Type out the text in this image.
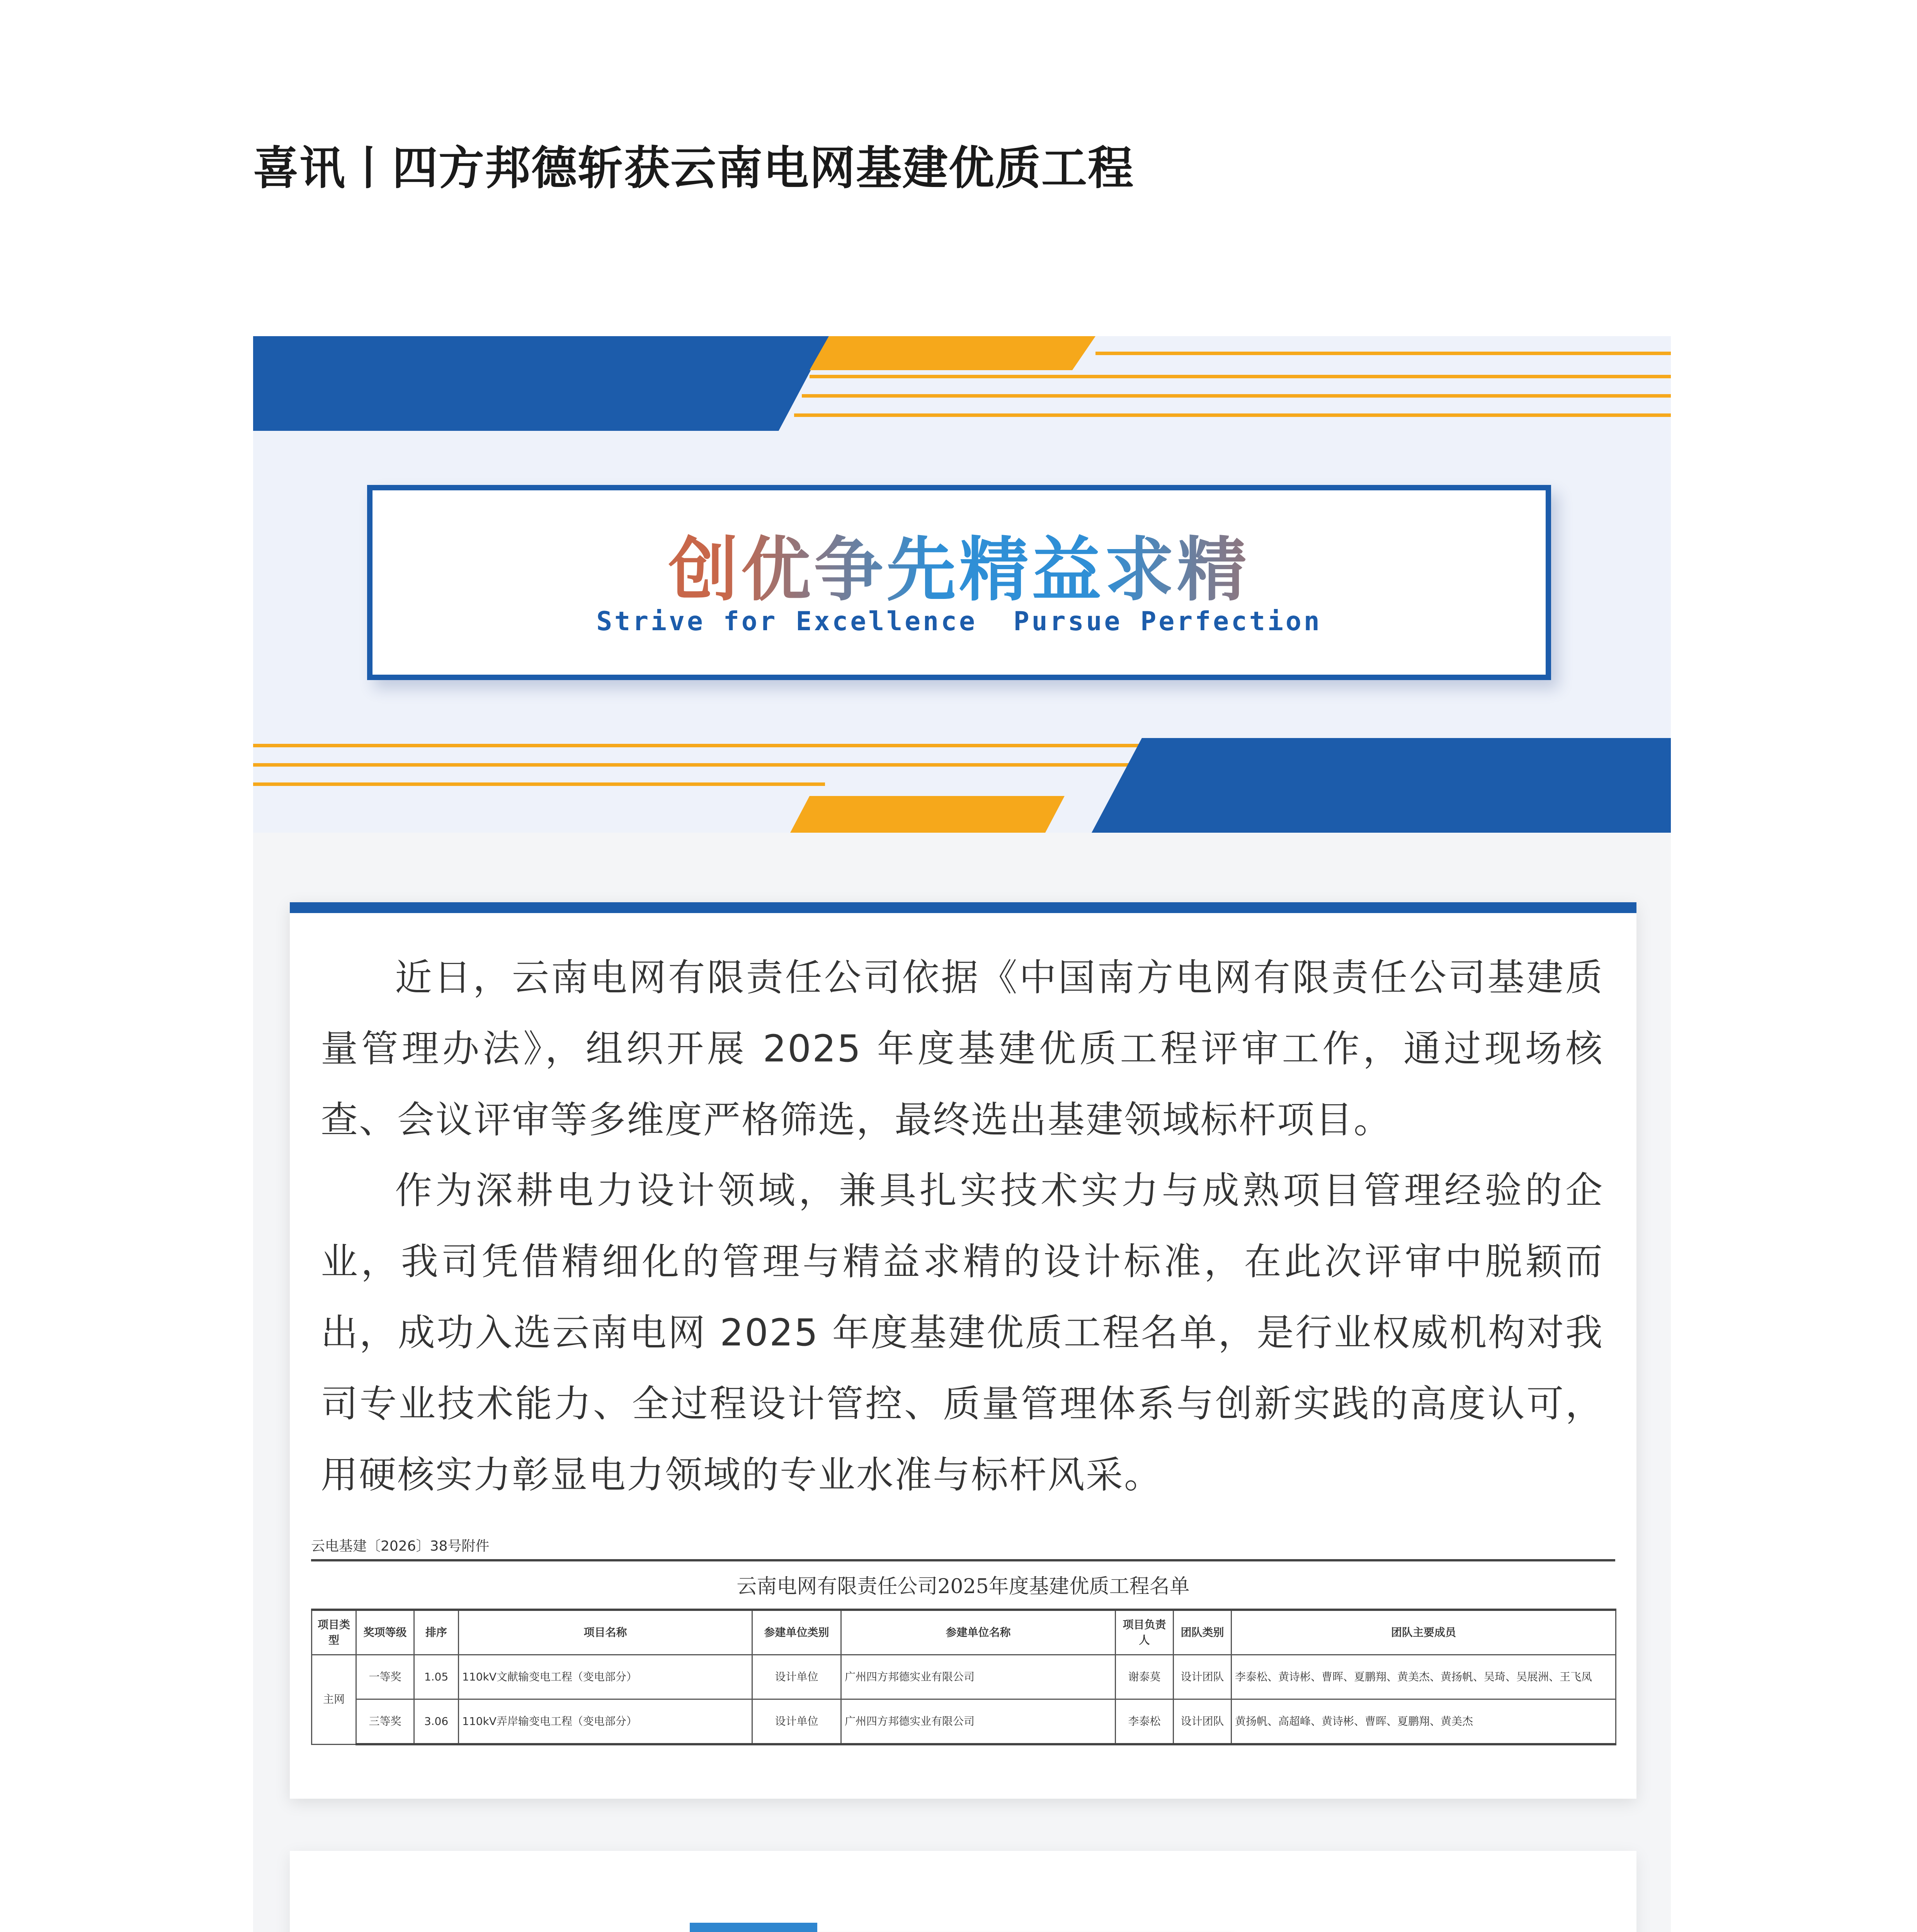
喜讯丨四方邦德斩获云南电网基建优质工程
创优争先精益求精
Strive for Excellence  Pursue Perfection
近日，云南电网有限责任公司依据《中国南方电网有限责任公司基建质量管理办法》，组织开展 2025 年度基建优质工程评审工作，通过现场核查、会议评审等多维度严格筛选，最终选出基建领域标杆项目。
作为深耕电力设计领域，兼具扎实技术实力与成熟项目管理经验的企业，我司凭借精细化的管理与精益求精的设计标准，在此次评审中脱颖而出，成功入选云南电网 2025 年度基建优质工程名单，是行业权威机构对我司专业技术能力、全过程设计管控、质量管理体系与创新实践的高度认可，用硬核实力彰显电力领域的专业水准与标杆风采。
云电基建〔2026〕38号附件
云南电网有限责任公司2025年度基建优质工程名单
项目类型	奖项等级	排序	项目名称	参建单位类别	参建单位名称	项目负责人	团队类别	团队主要成员
主网	一等奖	1.05	110kV文献输变电工程（变电部分）	设计单位	广州四方邦德实业有限公司	谢泰莫	设计团队	李泰松、黄诗彬、曹晖、夏鹏翔、黄美杰、黄扬帆、吴琦、吴展洲、王飞凤
	三等奖	3.06	110kV弄岸输变电工程（变电部分）	设计单位	广州四方邦德实业有限公司	李泰松	设计团队	黄扬帆、高超峰、黄诗彬、曹晖、夏鹏翔、黄美杰
